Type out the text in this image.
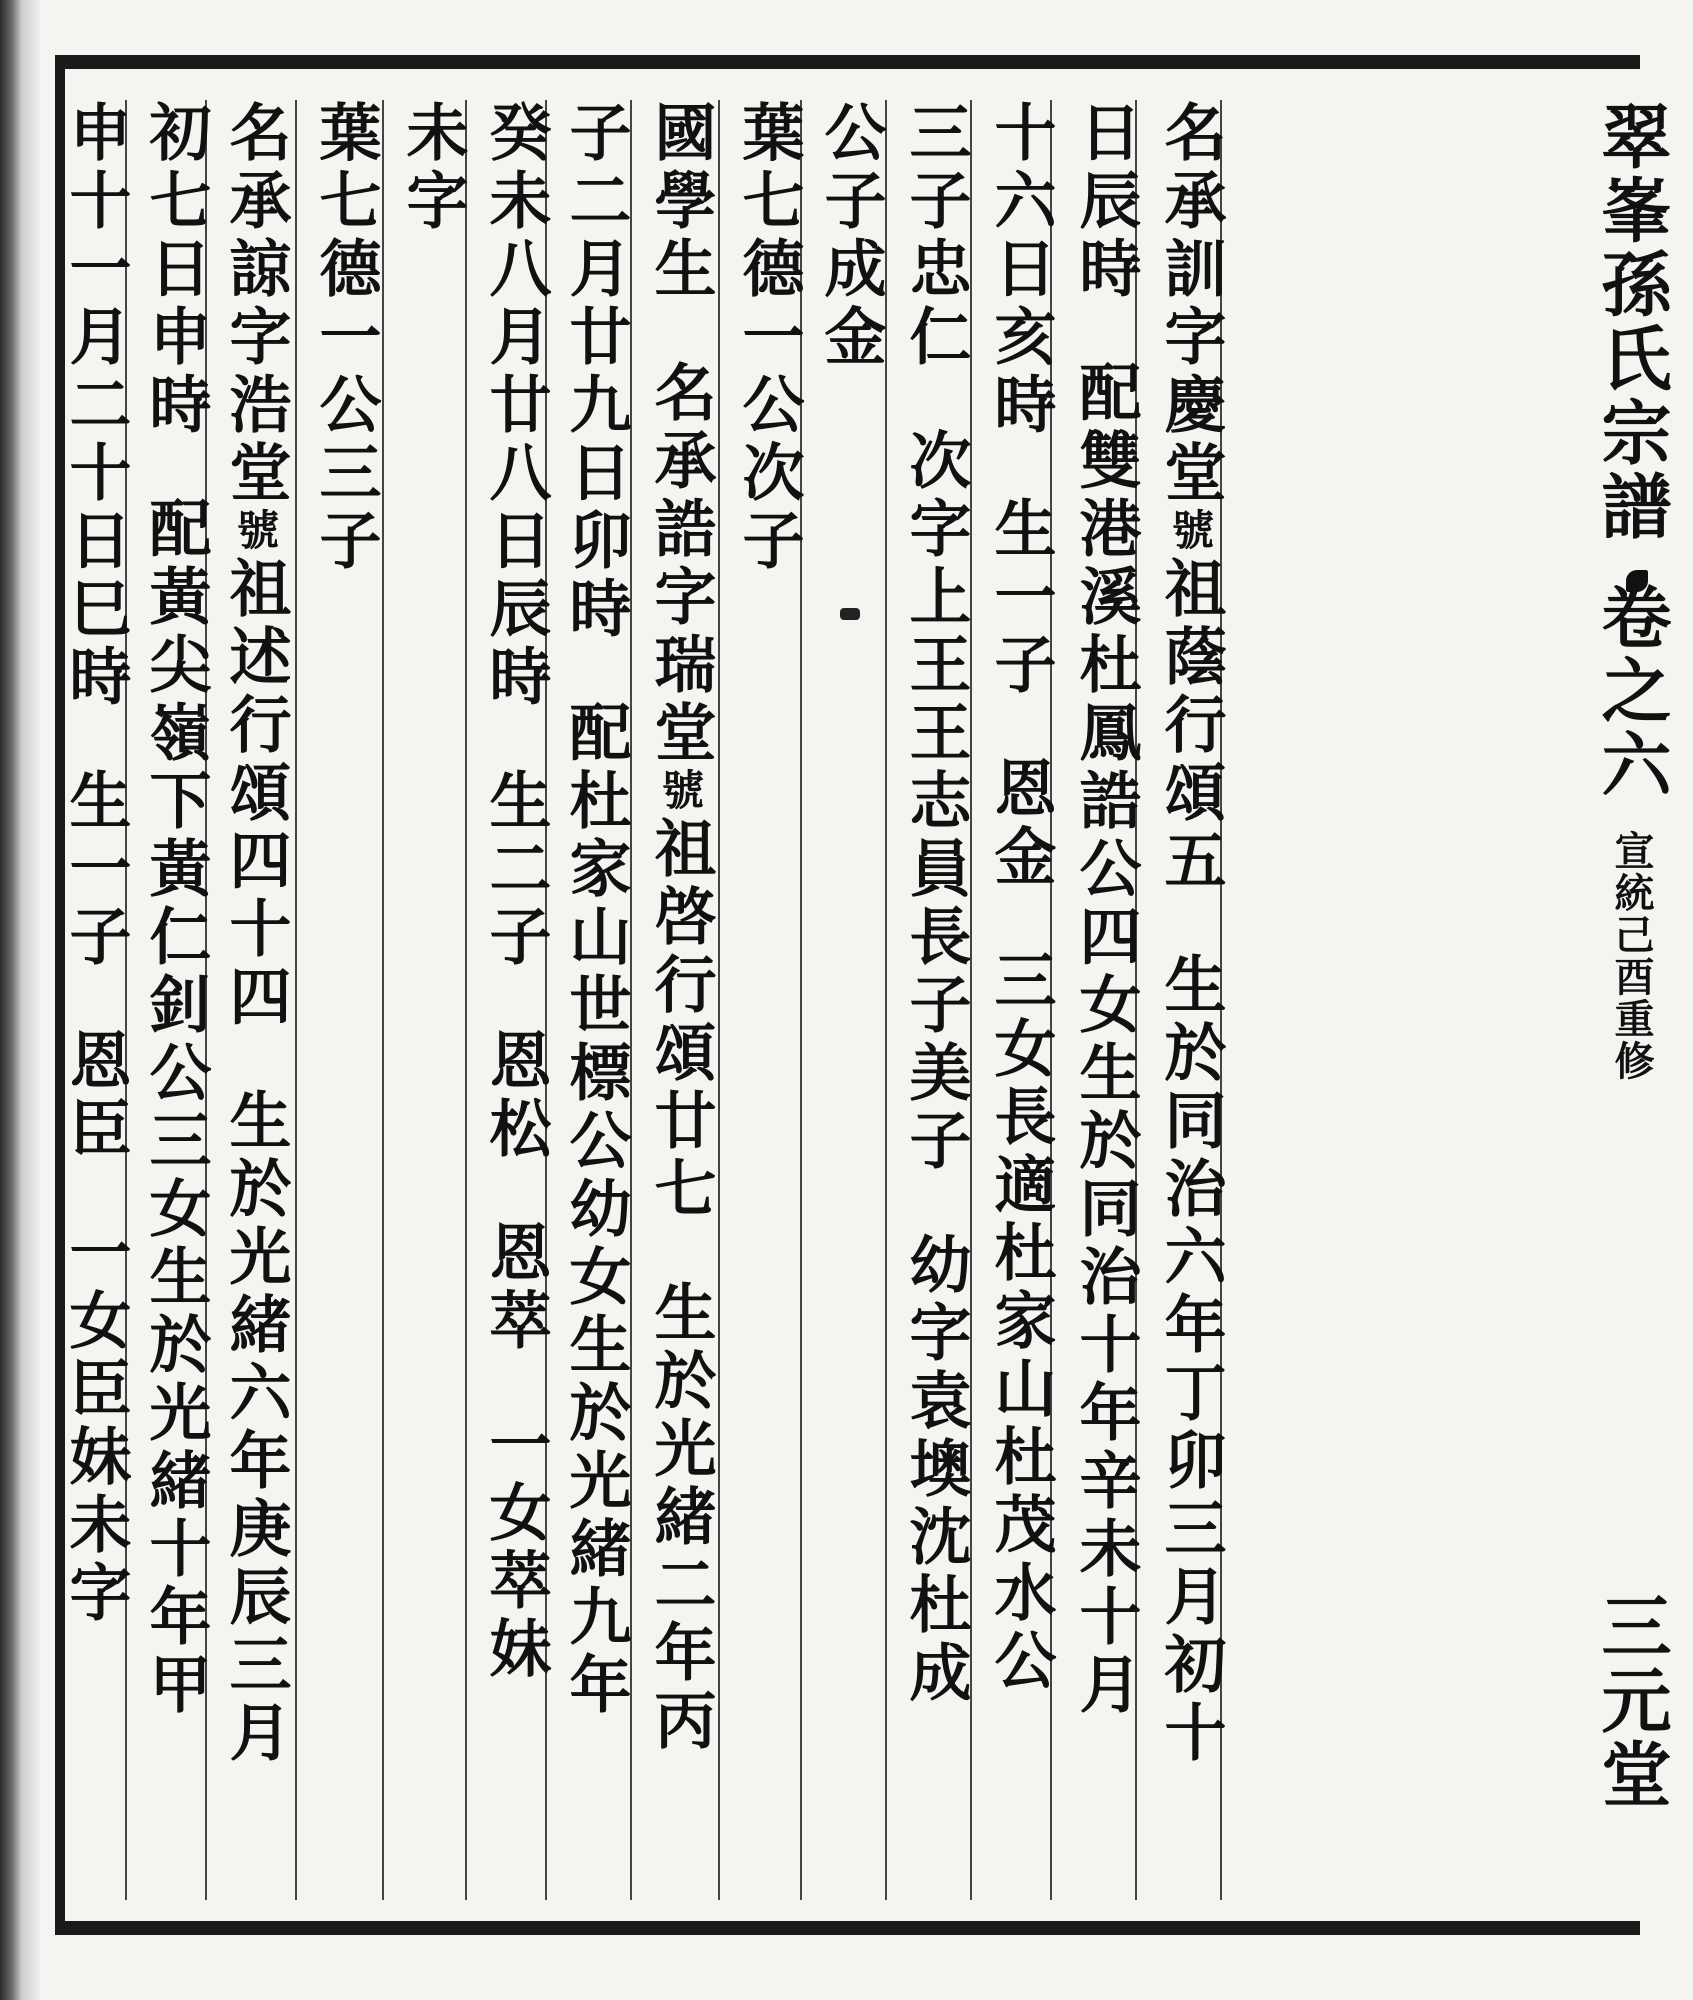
名承訓字慶堂號祖蔭行頌五生於同治六年丁卯三月初十
日辰時配雙港溪杜鳳誥公四女生於同治十年辛未十月
十六日亥時生一子恩金三女長適杜家山杜茂水公
三子忠仁次字上王王志員長子美子幼字袁墺沈杜成
公子成金
葉七德一公次子
國學生名承誥字瑞堂號祖啓行頌廿七生於光緒二年丙
子二月廿九日卯時配杜家山世標公幼女生於光緒九年
癸未八月廿八日辰時生二子恩松恩萃一女萃妹
未字
葉七德一公三子
名承諒字浩堂號祖述行頌四十四生於光緒六年庚辰三月
初七日申時配黃尖嶺下黃仁釗公三女生於光緒十年甲
申十一月二十日巳時生一子恩臣一女臣妹未字
翠峯孫氏宗譜
卷之六
宣統己酉重修
三元堂
